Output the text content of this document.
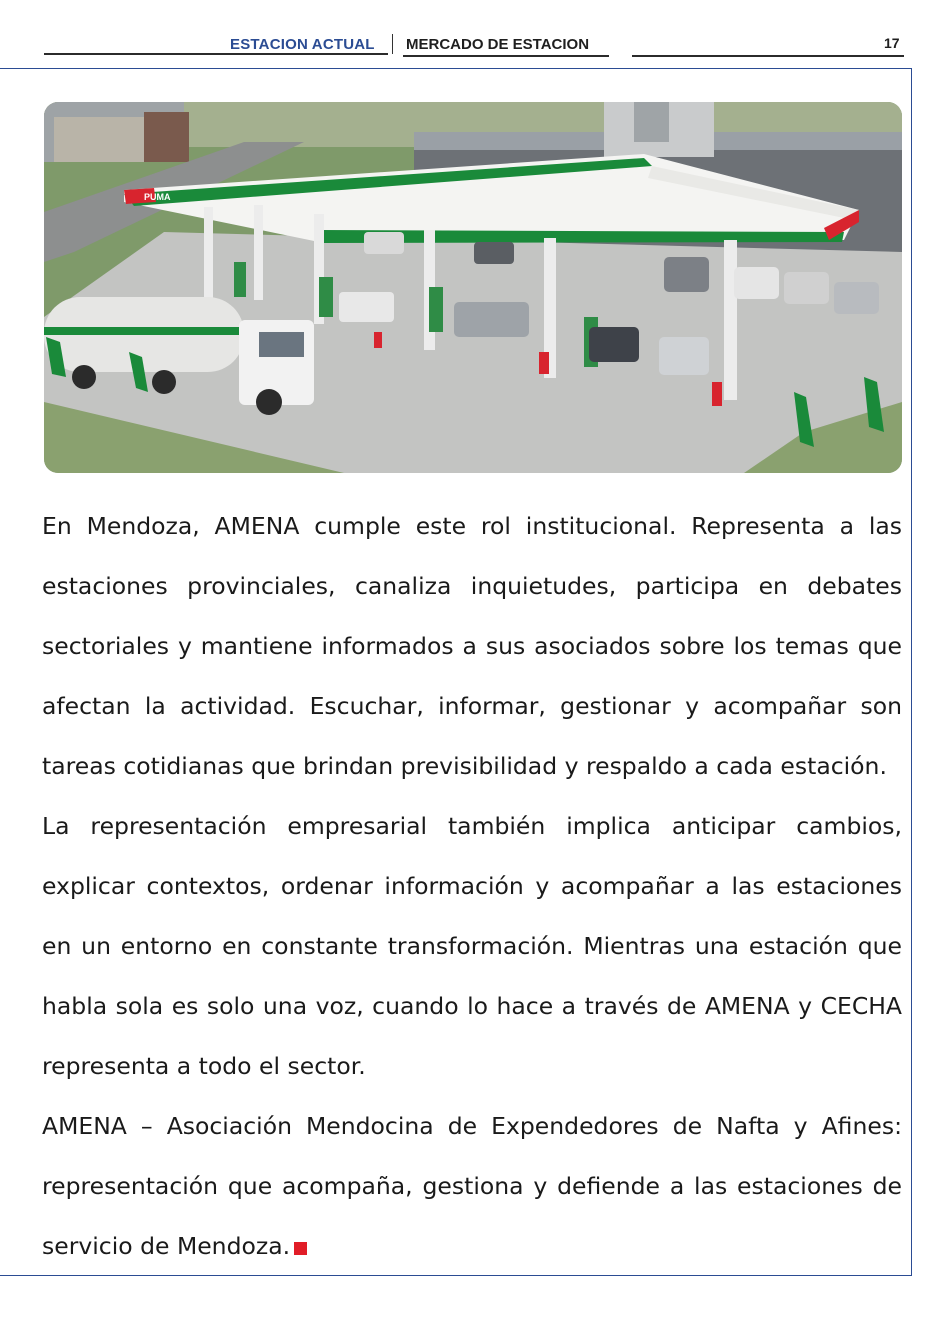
ESTACION ACTUAL MERCADO DE ESTACION	17
PUMA

En Mendoza, AMENA cumple este rol institucional. Representa a las estaciones provinciales, canaliza inquietudes, participa en debates sectoriales y mantiene informados a sus asociados sobre los temas que afectan la actividad. Escuchar, informar, gestionar y acompañar son tareas cotidianas que brindan previsibilidad y respaldo a cada estación.

La representación empresarial también implica anticipar cambios, explicar contextos, ordenar información y acompañar a las estaciones en un entorno en constante transformación. Mientras una estación que habla sola es solo una voz, cuando lo hace a través de AMENA y CECHA representa a todo el sector.

AMENA – Asociación Mendocina de Expendedores de Nafta y Afines: representación que acompaña, gestiona y defiende a las estaciones de servicio de Mendoza.
